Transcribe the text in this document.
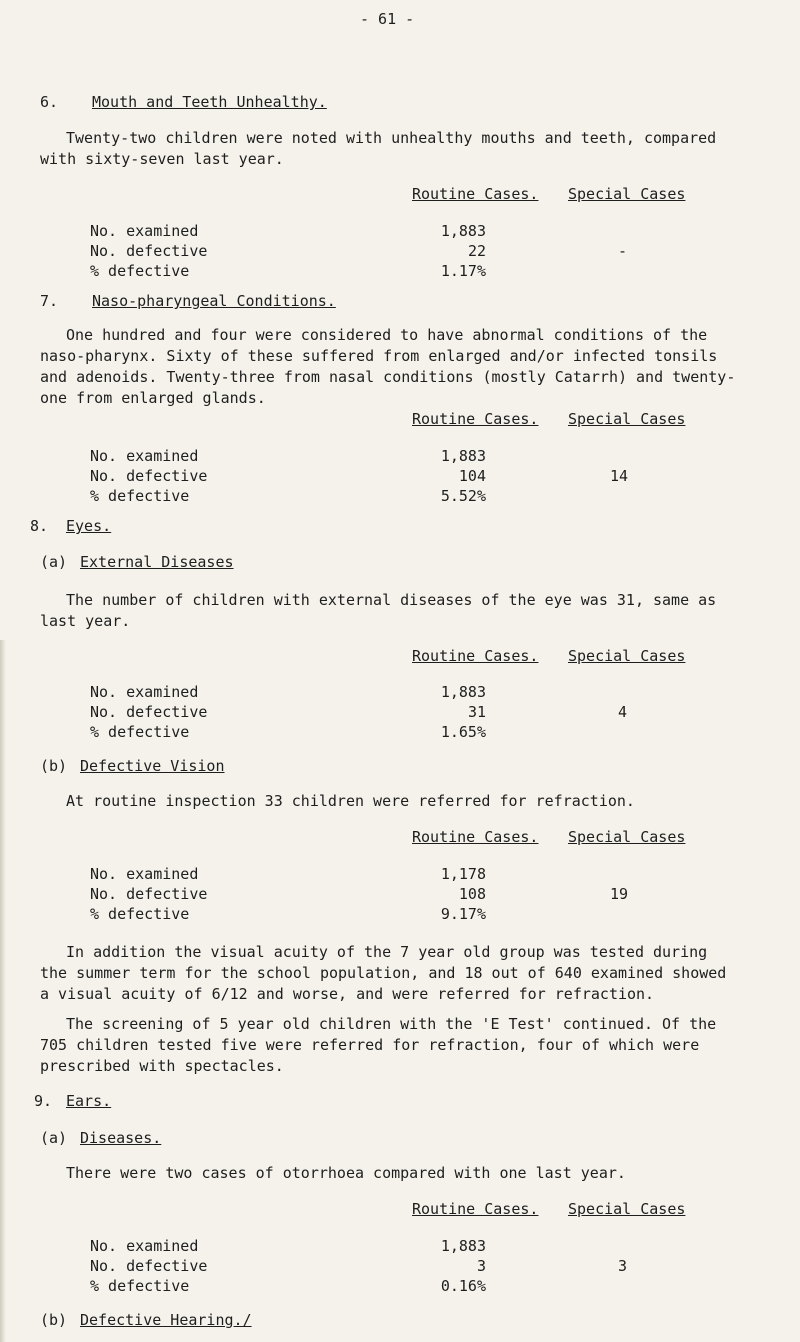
- 61 -
6. Mouth and Teeth Unhealthy.
Twenty-two children were noted with unhealthy mouths and teeth, compared with sixty-seven last year.
Routine Cases. Special Cases
No. examined
No. defective
% defective
1,883
22
1.17%
-
7. Naso-pharyngeal Conditions.
One hundred and four were considered to have abnormal conditions of the naso-pharynx. Sixty of these suffered from enlarged and/or infected tonsils and adenoids. Twenty-three from nasal conditions (mostly Catarrh) and twenty-one from enlarged glands.
Routine Cases. Special Cases
No. examined
No. defective
% defective
1,883
104
5.52%
14
8. Eyes.
(a) External Diseases
The number of children with external diseases of the eye was 31, same as last year.
Routine Cases. Special Cases
No. examined
No. defective
% defective
1,883
31
1.65%
4
(b) Defective Vision
At routine inspection 33 children were referred for refraction.
Routine Cases. Special Cases
No. examined
No. defective
% defective
1,178
108
9.17%
19
In addition the visual acuity of the 7 year old group was tested during the summer term for the school population, and 18 out of 640 examined showed a visual acuity of 6/12 and worse, and were referred for refraction.
The screening of 5 year old children with the 'E Test' continued. Of the 705 children tested five were referred for refraction, four of which were prescribed with spectacles.
9. Ears.
(a) Diseases.
There were two cases of otorrhoea compared with one last year.
Routine Cases. Special Cases
No. examined
No. defective
% defective
1,883
3
0.16%
3
(b) Defective Hearing./
